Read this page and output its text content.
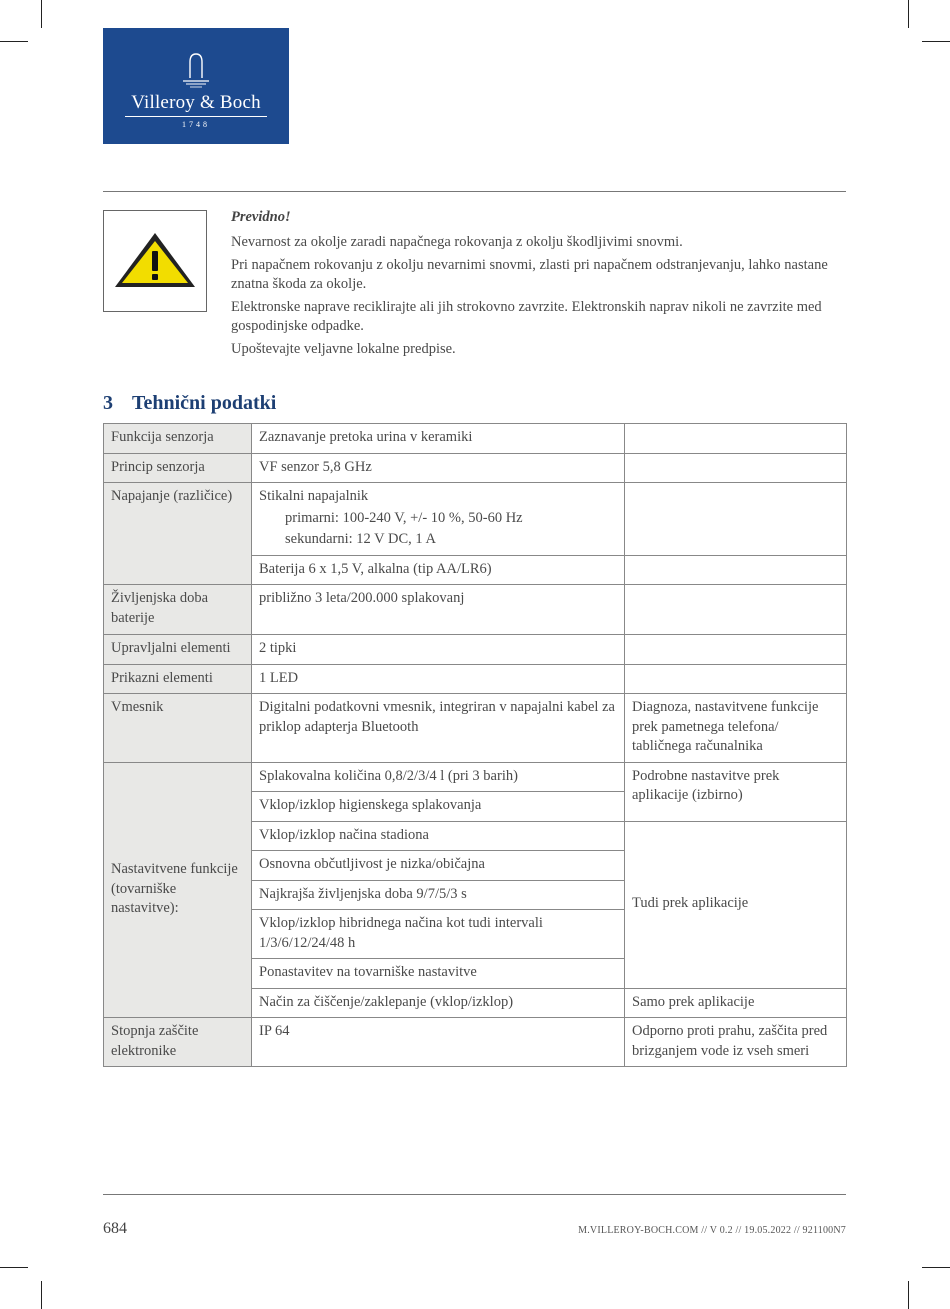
Villeroy & Boch
1748
Previdno!

Nevarnost za okolje zaradi napačnega rokovanja z okolju škodljivimi snovmi.

Pri napačnem rokovanju z okolju nevarnimi snovmi, zlasti pri napačnem odstranjevanju, lahko nastane znatna škoda za okolje.

Elektronske naprave reciklirajte ali jih strokovno zavrzite. Elektronskih naprav nikoli ne zavrzite med gospodinjske odpadke.

Upoštevajte veljavne lokalne predpise.

3 Tehnični podatki
Funkcija senzorja	Zaznavanje pretoka urina v keramiki	
Princip senzorja	VF senzor 5,8 GHz	
Napajanje (različice)	Stikalni napajalnik
primarni: 100-240 V, +/- 10 %, 50-60 Hz
sekundarni: 12 V DC, 1 A	

	Baterija 6 x 1,5 V, alkalna (tip AA/LR6)	
Življenjska doba baterije	približno 3 leta/200.000 splakovanj	
Upravljalni elementi	2 tipki	
Prikazni elementi	1 LED	
Vmesnik	Digitalni podatkovni vmesnik, integriran v napajalni kabel za priklop adapterja Bluetooth	Diagnoza, nastavitvene funkcije prek pametnega telefona/ tabličnega računalnika
Nastavitvene funkcije (tovarniške nastavitve):	Splakovalna količina 0,8/2/3/4 l (pri 3 barih)	Podrobne nastavitve prek aplikacije (izbirno)
	Vklop/izklop higienskega splakovanja	
	Vklop/izklop načina stadiona	Tudi prek aplikacije
	Osnovna občutljivost je nizka/običajna	
	Najkrajša življenjska doba 9/7/5/3 s	
	Vklop/izklop hibridnega načina kot tudi intervali 1/3/6/12/24/48 h	
	Ponastavitev na tovarniške nastavitve	
	Način za čiščenje/zaklepanje (vklop/izklop)	Samo prek aplikacije
Stopnja zaščite elektronike	IP 64	Odporno proti prahu, zaščita pred brizganjem vode iz vseh smeri
684	M.VILLEROY-BOCH.COM // V 0.2 // 19.05.2022 // 921100N7
